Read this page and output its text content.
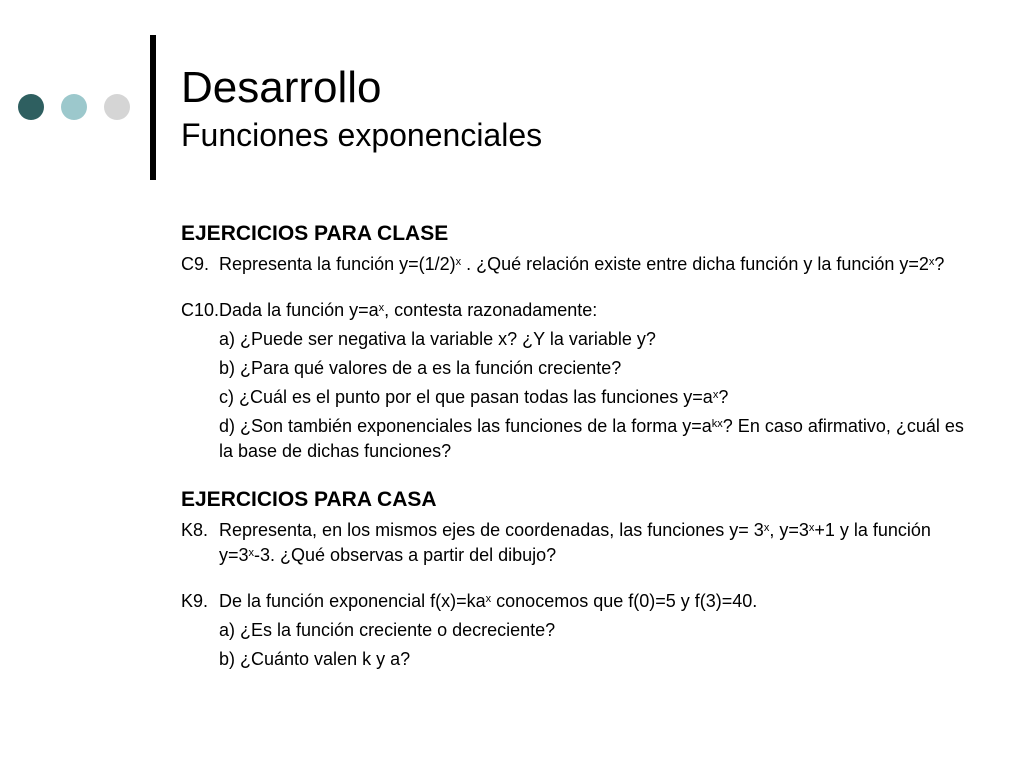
Desarrollo
Funciones exponenciales
EJERCICIOS PARA CLASE
C9. Representa la función $y=(1/2)^x$ . ¿Qué relación existe entre dicha función y la función $y=2^x$?
C10. Dada la función $y=a^x$, contesta razonadamente:
a) ¿Puede ser negativa la variable x? ¿Y la variable y?
b) ¿Para qué valores de a es la función creciente?
c) ¿Cuál es el punto por el que pasan todas las funciones $y=a^x$?
d) ¿Son también exponenciales las funciones de la forma $y=a^{kx}$? En caso afirmativo, ¿cuál es la base de dichas funciones?
EJERCICIOS PARA CASA
K8. Representa, en los mismos ejes de coordenadas, las funciones $y= 3^x$, $y=3^x+1$ y la función $y=3^x-3$. ¿Qué observas a partir del dibujo?
K9. De la función exponencial $f(x)=ka^x$ conocemos que f(0)=5 y f(3)=40.
a) ¿Es la función creciente o decreciente?
b) ¿Cuánto valen k y a?
